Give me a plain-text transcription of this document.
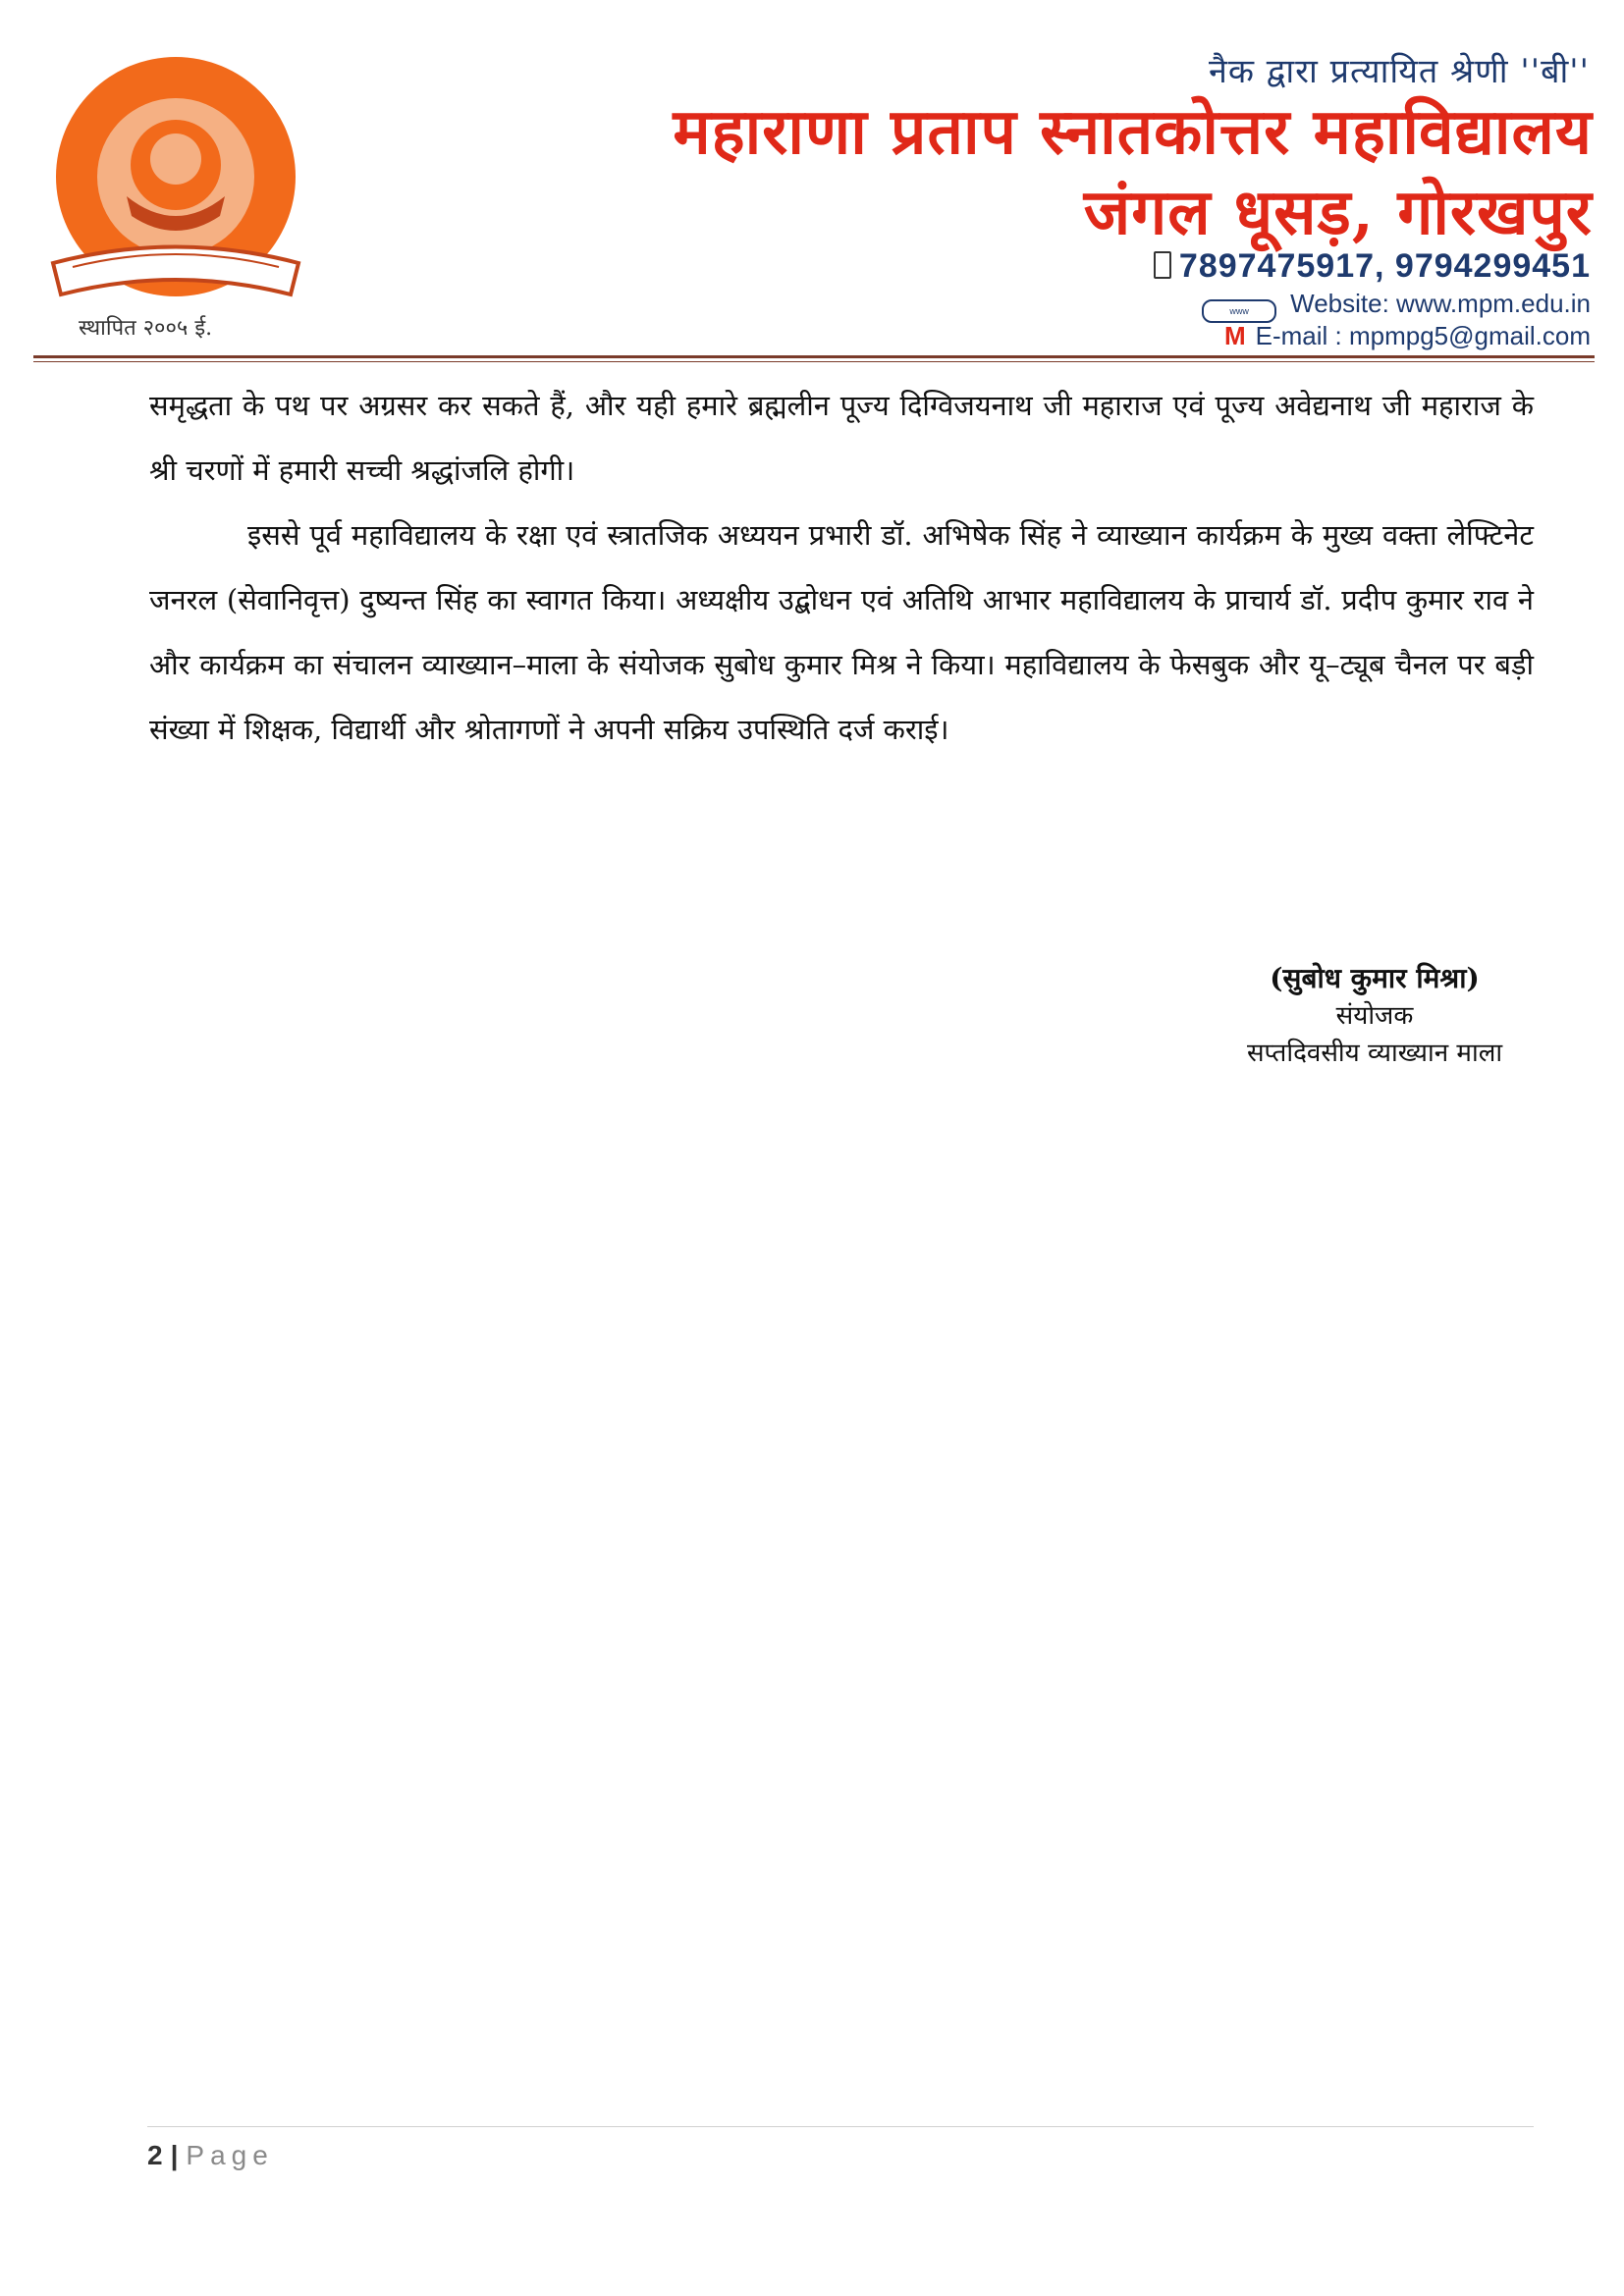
स्थापित २००५ ई.
नैक द्वारा प्रत्यायित श्रेणी ''बी''
महाराणा प्रताप स्नातकोत्तर महाविद्यालय
जंगल धूसड़, गोरखपुर
7897475917, 9794299451
www Website: www.mpm.edu.in
M E-mail : mpmpg5@gmail.com

समृद्धता के पथ पर अग्रसर कर सकते हैं, और यही हमारे ब्रह्मलीन पूज्य दिग्विजयनाथ जी महाराज एवं पूज्य अवेद्यनाथ जी महाराज के श्री चरणों में हमारी सच्ची श्रद्धांजलि होगी।

इससे पूर्व महाविद्यालय के रक्षा एवं स्त्रातजिक अध्ययन प्रभारी डॉ. अभिषेक सिंह ने व्याख्यान कार्यक्रम के मुख्य वक्ता लेफ्टिनेट जनरल (सेवानिवृत्त) दुष्यन्त सिंह का स्वागत किया। अध्यक्षीय उद्बोधन एवं अतिथि आभार महाविद्यालय के प्राचार्य डॉ. प्रदीप कुमार राव ने और कार्यक्रम का संचालन व्याख्यान–माला के संयोजक सुबोध कुमार मिश्र ने किया। महाविद्यालय के फेसबुक और यू–ट्यूब चैनल पर बड़ी संख्या में शिक्षक, विद्यार्थी और श्रोतागणों ने अपनी सक्रिय उपस्थिति दर्ज कराई।

(सुबोध कुमार मिश्रा)
संयोजक
सप्तदिवसीय व्याख्यान माला
2 | Page
